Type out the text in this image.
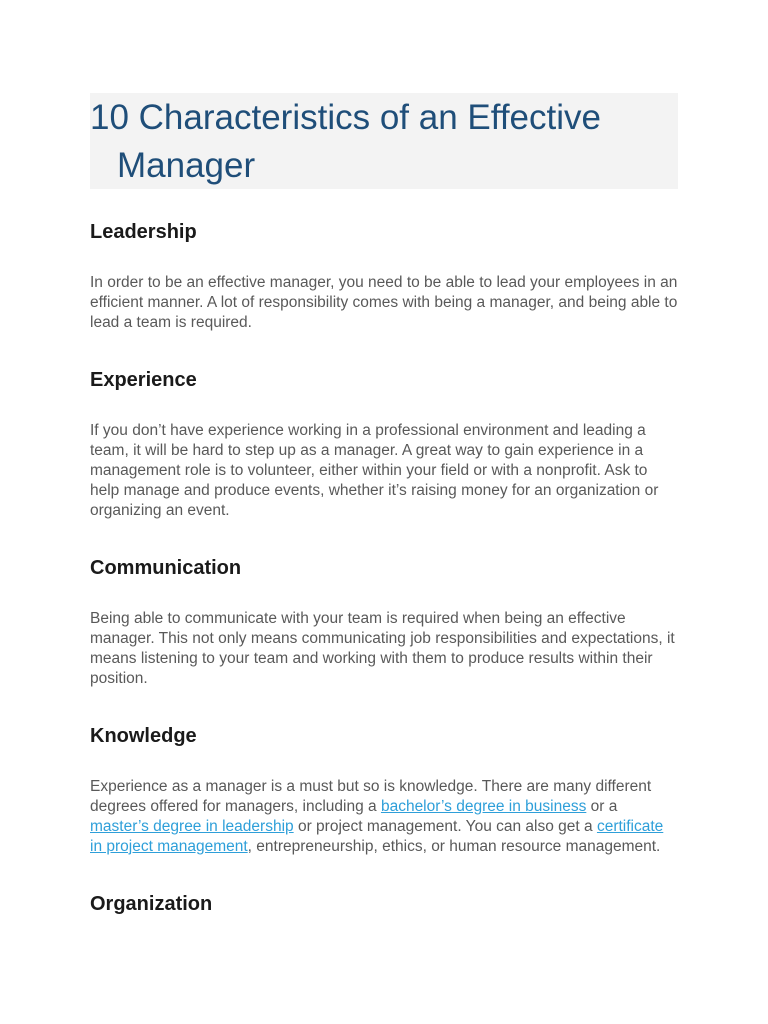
10 Characteristics of an Effective
Manager
Leadership

In order to be an effective manager, you need to be able to lead your employees in an efficient manner. A lot of responsibility comes with being a manager, and being able to lead a team is required.

Experience

If you don’t have experience working in a professional environment and leading a team, it will be hard to step up as a manager. A great way to gain experience in a management role is to volunteer, either within your field or with a nonprofit. Ask to help manage and produce events, whether it’s raising money for an organization or organizing an event.

Communication

Being able to communicate with your team is required when being an effective manager. This not only means communicating job responsibilities and expectations, it means listening to your team and working with them to produce results within their position.

Knowledge

Experience as a manager is a must but so is knowledge. There are many different degrees offered for managers, including a bachelor’s degree in business or a master’s degree in leadership or project management. You can also get a certificate in project management, entrepreneurship, ethics, or human resource management.

Organization
